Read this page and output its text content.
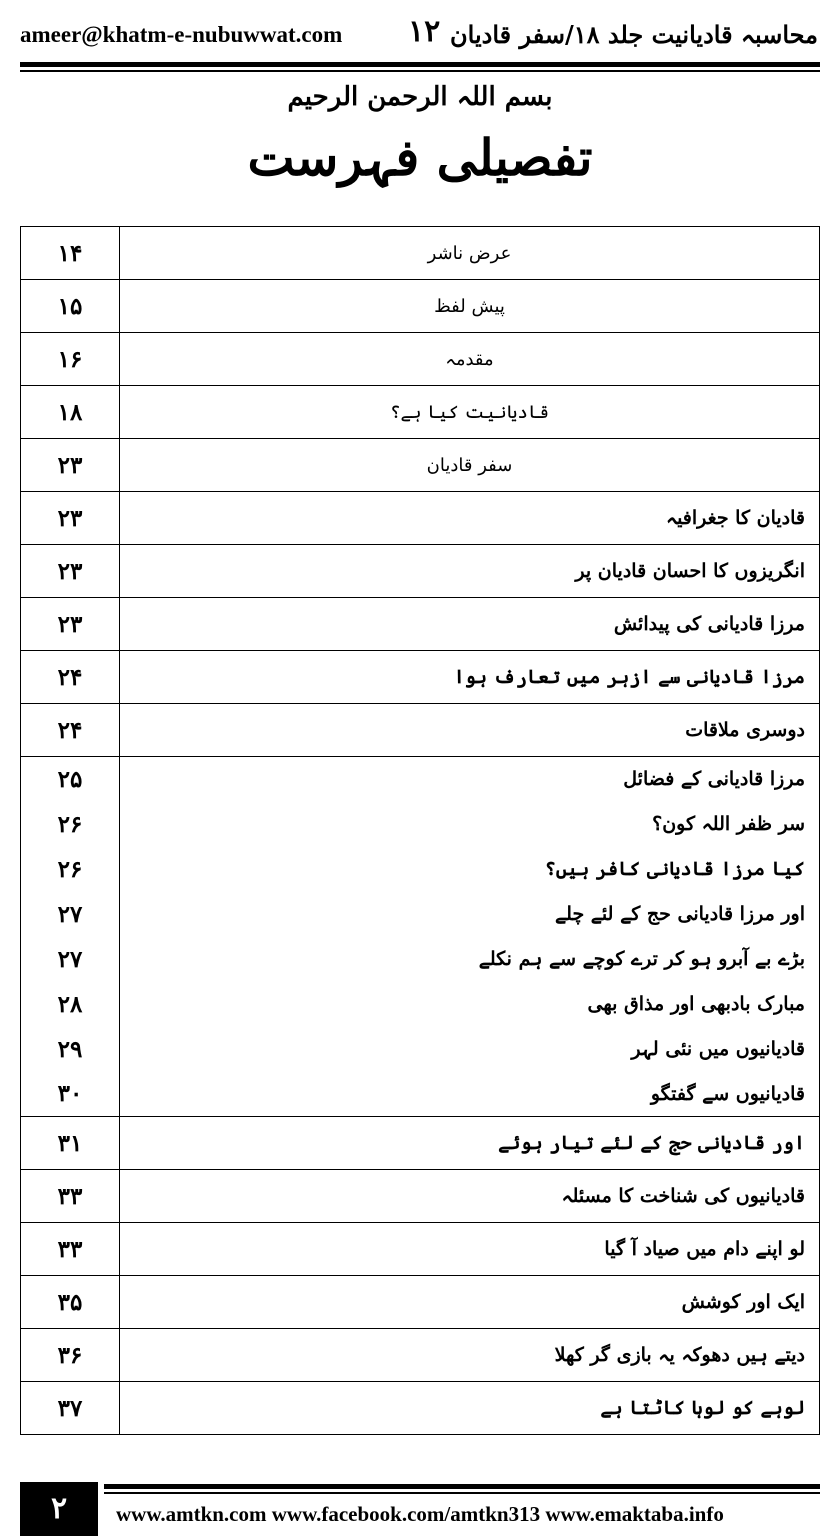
ameer@khatm-e-nubuwwat.com ۱۲ محاسبہ قادیانیت جلد ۱۸/سفر قادیان
بسم اللہ الرحمن الرحیم
تفصیلی فہرست
۱۴	عرض ناشر
۱۵	پیش لفظ
۱۶	مقدمہ
۱۸	قادیانیت کیا ہے؟
۲۳	سفر قادیان
۲۳	قادیان کا جغرافیہ
۲۳	انگریزوں کا احسان قادیان پر
۲۳	مرزا قادیانی کی پیدائش
۲۴	مرزا قادیانی سے ازہر میں تعارف ہوا
۲۴	دوسری ملاقات
۲۵	مرزا قادیانی کے فضائل
۲۶	سر ظفر اللہ کون؟
۲۶	کیا مرزا قادیانی کافر ہیں؟
۲۷	اور مرزا قادیانی حج کے لئے چلے
۲۷	بڑے بے آبرو ہو کر ترے کوچے سے ہم نکلے
۲۸	مبارک بادبھی اور مذاق بھی
۲۹	قادیانیوں میں نئی لہر
۳۰	قادیانیوں سے گفتگو
۳۱	اور قادیانی حج کے لئے تیار ہوئے
۳۳	قادیانیوں کی شناخت کا مسئلہ
۳۳	لو اپنے دام میں صیاد آ گیا
۳۵	ایک اور کوشش
۳۶	دیتے ہیں دھوکہ یہ بازی گر کھلا
۳۷	لوہے کو لوہا کاٹتا ہے
۲	www.amtkn.com www.facebook.com/amtkn313 www.emaktaba.info
